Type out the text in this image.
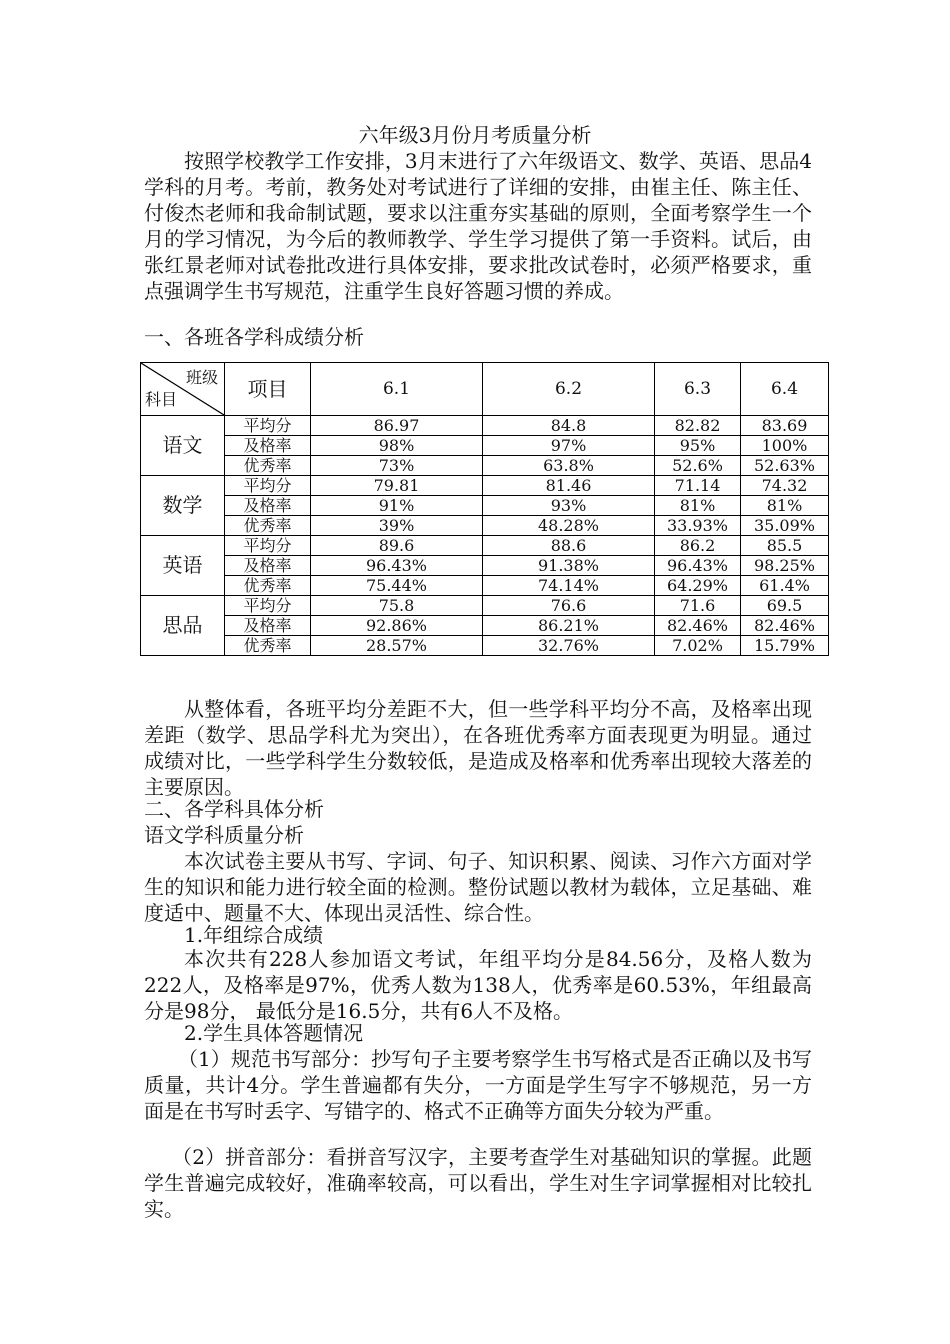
六年级3月份月考质量分析

按照学校教学工作安排，3月末进行了六年级语文、数学、英语、思品4学科的月考。考前，教务处对考试进行了详细的安排，由崔主任、陈主任、付俊杰老师和我命制试题，要求以注重夯实基础的原则，全面考察学生一个月的学习情况，为今后的教师教学、学生学习提供了第一手资料。试后，由张红景老师对试卷批改进行具体安排，要求批改试卷时，必须严格要求，重点强调学生书写规范，注重学生良好答题习惯的养成。

一、各班各学科成绩分析

班级
科目	项目	6.1	6.2	6.3	6.4
语文	平均分	86.97	84.8	82.82	83.69
	及格率	98%	97%	95%	100%
	优秀率	73%	63.8%	52.6%	52.63%
数学	平均分	79.81	81.46	71.14	74.32
	及格率	91%	93%	81%	81%
	优秀率	39%	48.28%	33.93%	35.09%
英语	平均分	89.6	88.6	86.2	85.5
	及格率	96.43%	91.38%	96.43%	98.25%
	优秀率	75.44%	74.14%	64.29%	61.4%
思品	平均分	75.8	76.6	71.6	69.5
	及格率	92.86%	86.21%	82.46%	82.46%
	优秀率	28.57%	32.76%	7.02%	15.79%

从整体看，各班平均分差距不大，但一些学科平均分不高，及格率出现差距（数学、思品学科尤为突出），在各班优秀率方面表现更为明显。通过成绩对比，一些学科学生分数较低，是造成及格率和优秀率出现较大落差的主要原因。

二、各学科具体分析

语文学科质量分析

本次试卷主要从书写、字词、句子、知识积累、阅读、习作六方面对学生的知识和能力进行较全面的检测。整份试题以教材为载体，立足基础、难度适中、题量不大、体现出灵活性、综合性。

1.年组综合成绩

本次共有228人参加语文考试，年组平均分是84.56分，及格人数为222人，及格率是97%，优秀人数为138人，优秀率是60.53%，年组最高分是98分， 最低分是16.5分，共有6人不及格。

2.学生具体答题情况

（1）规范书写部分：抄写句子主要考察学生书写格式是否正确以及书写质量，共计4分。学生普遍都有失分，一方面是学生写字不够规范，另一方面是在书写时丢字、写错字的、格式不正确等方面失分较为严重。

（2）拼音部分：看拼音写汉字，主要考查学生对基础知识的掌握。此题学生普遍完成较好，准确率较高，可以看出，学生对生字词掌握相对比较扎实。
